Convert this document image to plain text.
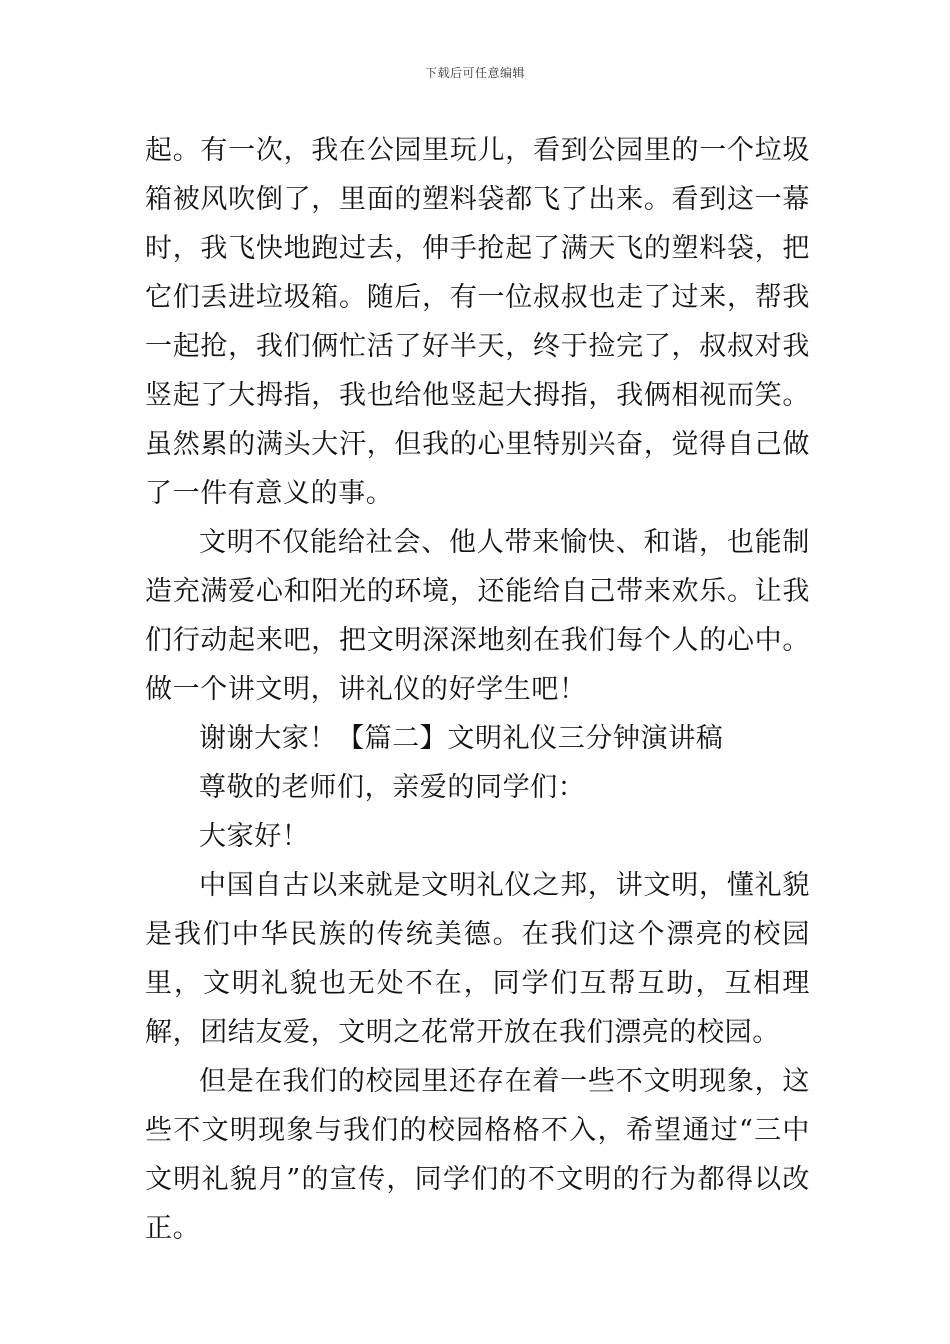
下载后可任意编辑

起。有一次，我在公园里玩儿，看到公园里的一个垃圾箱被风吹倒了，里面的塑料袋都飞了出来。看到这一幕时，我飞快地跑过去，伸手抢起了满天飞的塑料袋，把它们丢进垃圾箱。随后，有一位叔叔也走了过来，帮我一起抢，我们俩忙活了好半天，终于捡完了，叔叔对我竖起了大拇指，我也给他竖起大拇指，我俩相视而笑。虽然累的满头大汗，但我的心里特别兴奋，觉得自己做了一件有意义的事。

文明不仅能给社会、他人带来愉快、和谐，也能制造充满爱心和阳光的环境，还能给自己带来欢乐。让我们行动起来吧，把文明深深地刻在我们每个人的心中。做一个讲文明，讲礼仪的好学生吧！

谢谢大家！【篇二】文明礼仪三分钟演讲稿

尊敬的老师们，亲爱的同学们：

大家好！

中国自古以来就是文明礼仪之邦，讲文明，懂礼貌是我们中华民族的传统美德。在我们这个漂亮的校园里，文明礼貌也无处不在，同学们互帮互助，互相理解，团结友爱，文明之花常开放在我们漂亮的校园。

但是在我们的校园里还存在着一些不文明现象，这些不文明现象与我们的校园格格不入，希望通过“三中文明礼貌月”的宣传，同学们的不文明的行为都得以改正。
